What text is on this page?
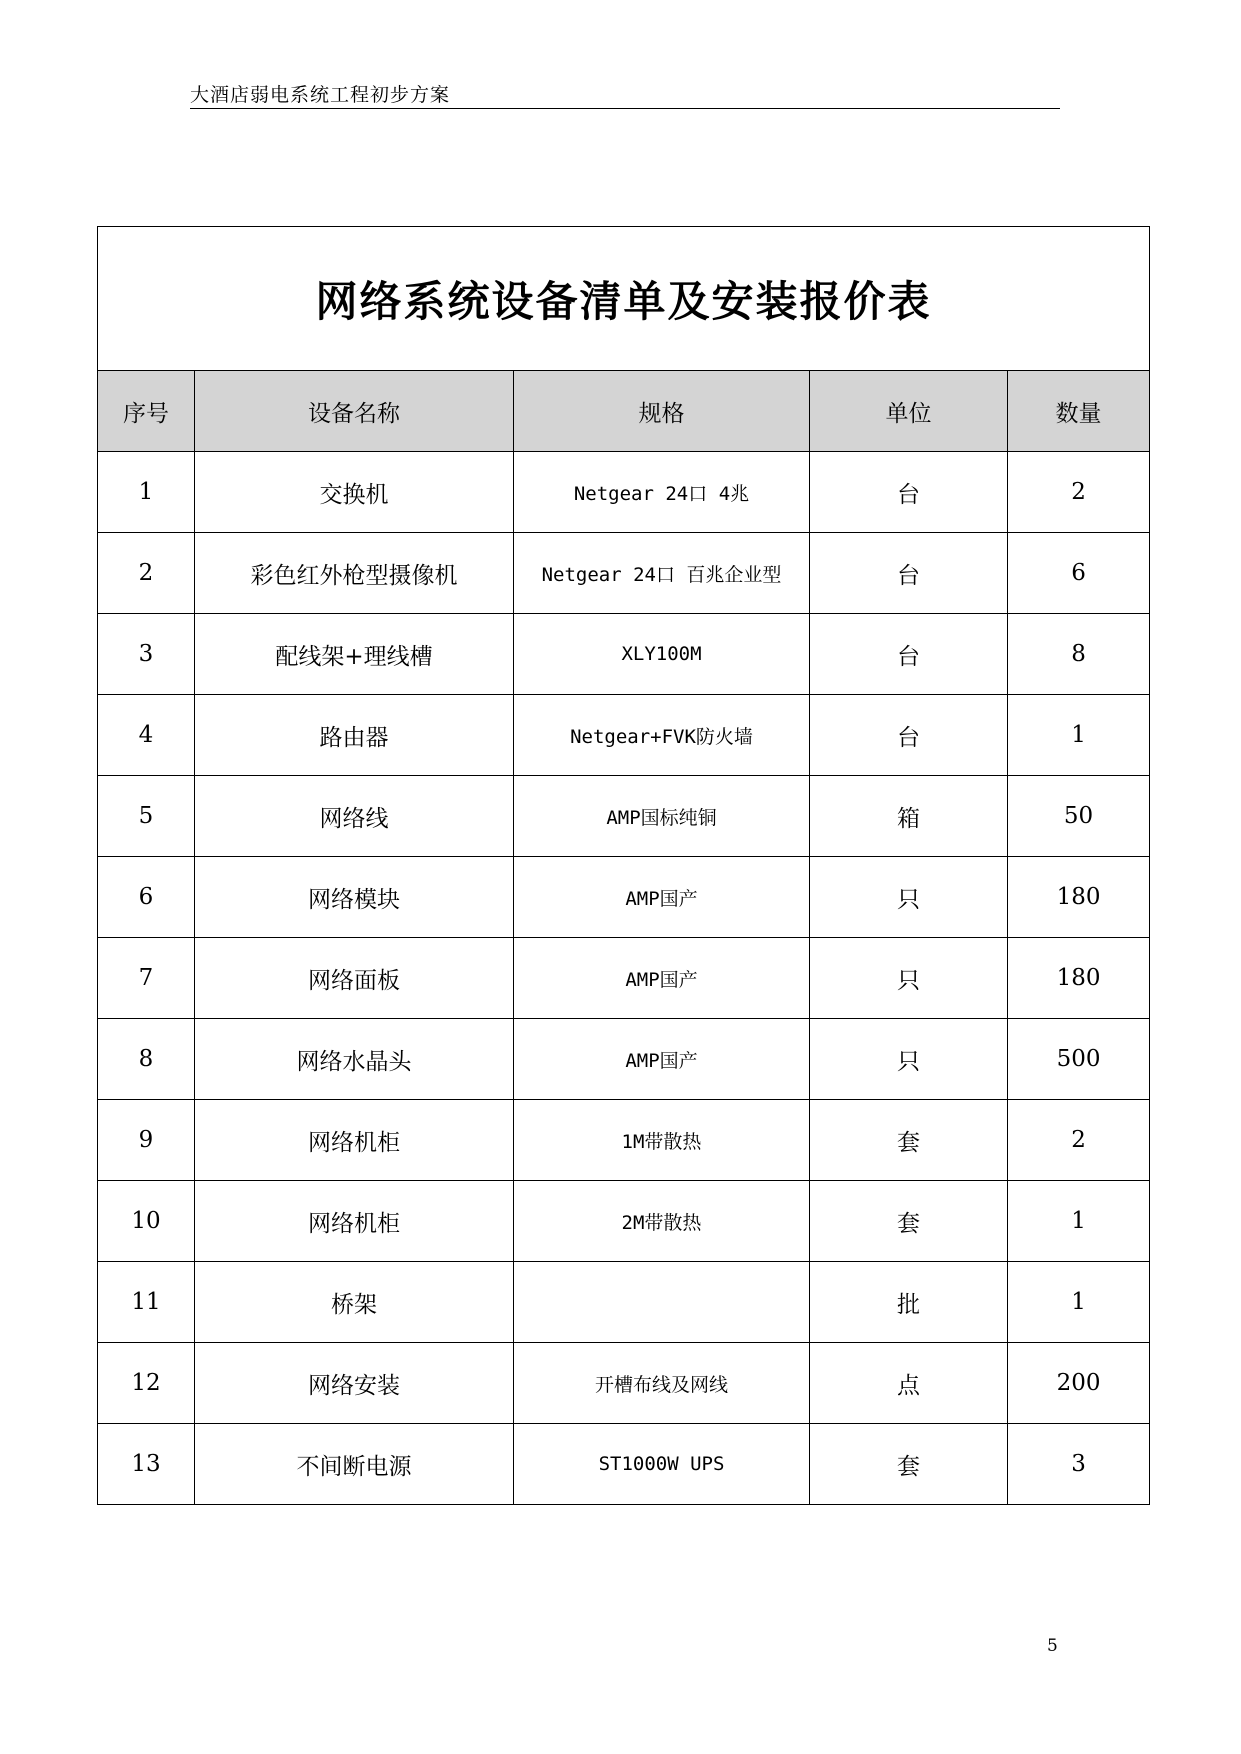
大酒店弱电系统工程初步方案
网络系统设备清单及安装报价表				
序号	设备名称	规格	单位	数量
1	交换机	Netgear 24口 4兆	台	2
2	彩色红外枪型摄像机	Netgear 24口 百兆企业型	台	6
3	配线架+理线槽	XLY100M	台	8
4	路由器	Netgear+FVK防火墙	台	1
5	网络线	AMP国标纯铜	箱	50
6	网络模块	AMP国产	只	180
7	网络面板	AMP国产	只	180
8	网络水晶头	AMP国产	只	500
9	网络机柜	1M带散热	套	2
10	网络机柜	2M带散热	套	1
11	桥架		批	1
12	网络安装	开槽布线及网线	点	200
13	不间断电源	ST1000W UPS	套	3
5
